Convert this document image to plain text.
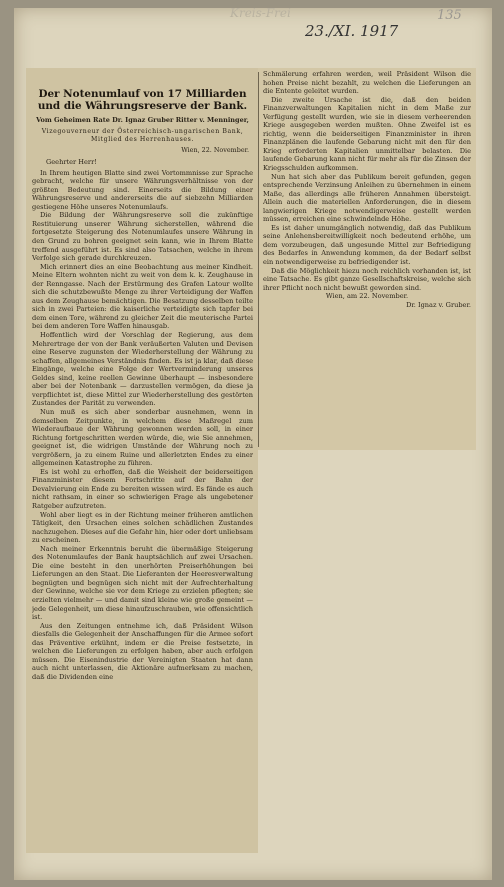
Kreis-Frei
23./XI. 1917
135
Der Notenumlauf von 17 Milliarden und die Währungsreserve der Bank.
Vom Geheimen Rate Dr. Ignaz Gruber Ritter v. Menninger,
Vizegouverneur der Österreichisch-ungarischen Bank, Mitglied des Herrenhauses.
Wien, 22. November.
Geehrter Herr!

In Ihrem heutigen Blatte sind zwei Vortommnisse zur Sprache gebracht, welche für unsere Währungsverhältnisse von der größten Bedeutung sind. Einerseits die Bildung einer Währungsreserve und andererseits die auf siebzehn Milliarden gestiegene Höhe unseres Notenumlaufs.

Die Bildung der Währungsreserve soll die zukünftige Restituierung unserer Währung sicherstellen, während die fortgesetzte Steigerung des Notenumlaufes unsere Währung in den Grund zu bohren geeignet sein kann, wie in Ihrem Blatte treffend ausgeführt ist. Es sind also Tatsachen, welche in ihrem Verfolge sich gerade durchkreuzen.

Mich erinnert dies an eine Beobachtung aus meiner Kindheit. Meine Eltern wohnten nicht zu weit von dem k. k. Zeughause in der Renngasse. Nach der Erstürmung des Grafen Latour wollte sich die schutzbewußte Menge zu ihrer Verteidigung der Waffen aus dem Zeughause bemächtigen. Die Besatzung desselben teilte sich in zwei Parteien: die kaiserliche verteidigte sich tapfer bei dem einen Tore, während zu gleicher Zeit die meuterische Partei bei dem anderen Tore Waffen hinausgab.

Hoffentlich wird der Vorschlag der Regierung, aus dem Mehrertrage der von der Bank veräußerten Valuten und Devisen eine Reserve zugunsten der Wiederherstellung der Währung zu schaffen, allgemeines Verständnis finden. Es ist ja klar, daß diese Eingänge, welche eine Folge der Wertverminderung unseres Geldes sind, keine reellen Gewinne überhaupt — insbesondere aber bei der Notenbank — darzustellen vermögen, da diese ja verpflichtet ist, diese Mittel zur Wiederherstellung des gestörten Zustandes der Parität zu verwenden.

Nun muß es sich aber sonderbar ausnehmen, wenn in demselben Zeitpunkte, in welchem diese Maßregel zum Wiederaufbaue der Währung gewonnen werden soll, in einer Richtung fortgeschritten werden würde, die, wie Sie annehmen, geeignet ist, die widrigen Umstände der Währung noch zu vergrößern, ja zu einem Ruine und allerletzten Endes zu einer allgemeinen Katastrophe zu führen.

Es ist wohl zu erhoffen, daß die Weisheit der beiderseitigen Finanzminister diesem Fortschritte auf der Bahn der Devalvierung ein Ende zu bereiten wissen wird. Es fände es auch nicht rathsam, in einer so schwierigen Frage als ungebetener Ratgeber aufzutreten.

Wohl aber liegt es in der Richtung meiner früheren amtlichen Tätigkeit, den Ursachen eines solchen schädlichen Zustandes nachzugehen. Dieses auf die Gefahr hin, hier oder dort unliebsam zu erscheinen.

Nach meiner Erkenntnis beruht die übermäßige Steigerung des Notenumlaufes der Bank hauptsächlich auf zwei Ursachen. Die eine besteht in den unerhörten Preiserhöhungen bei Lieferungen an den Staat. Die Lieferanten der Heeresverwaltung begnügten und begnügen sich nicht mit der Aufrechterhaltung der Gewinne, welche sie vor dem Kriege zu erzielen pflegten; sie erzielten vielmehr — und damit sind kleine wie große gemeint — jede Gelegenheit, um diese hinaufzuschrauben, wie offensichtlich ist.

Aus den Zeitungen entnehme ich, daß Präsident Wilson diesfalls die Gelegenheit der Anschaffungen für die Armee sofort das Präventive erkühnt, indem er die Preise festsetzte, in welchen die Lieferungen zu erfolgen haben, aber auch erfolgen müssen. Die Eisenindustrie der Vereinigten Staaten hat dann auch nicht unterlassen, die Aktionäre aufmerksam zu machen, daß die Dividenden eine

Schmälerung erfahren werden, weil Präsident Wilson die hohen Preise nicht bezahlt, zu welchen die Lieferungen an die Entente geleitet wurden.

Die zweite Ursache ist die, daß den beiden Finanzverwaltungen Kapitalien nicht in dem Maße zur Verfügung gestellt wurden, wie sie in diesem verheerenden Kriege ausgegeben werden mußten. Ohne Zweifel ist es richtig, wenn die beiderseitigen Finanzminister in ihren Finanzplänen die laufende Gebarung nicht mit den für den Krieg erforderten Kapitalien unmittelbar belasten. Die laufende Gebarung kann nicht für mehr als für die Zinsen der Kriegsschulden aufkommen.

Nun hat sich aber das Publikum bereit gefunden, gegen entsprechende Verzinsung Anleihen zu übernehmen in einem Maße, das allerdings alle früheren Annahmen übersteigt. Allein auch die materiellen Anforderungen, die in diesem langwierigen Kriege notwendigerweise gestellt werden müssen, erreichen eine schwindelnde Höhe.

Es ist daher unumgänglich notwendig, daß das Publikum seine Anlehensbereitwilligkeit noch bedeutend erhöhe, um dem vorzubeugen, daß ungesunde Mittel zur Befriedigung des Bedarfes in Anwendung kommen, da der Bedarf selbst ein notwendigerweise zu befriedigender ist.

Daß die Möglichkeit hiezu noch reichlich vorhanden ist, ist eine Tatsache. Es gibt ganze Gesellschaftskreise, welche sich ihrer Pflicht noch nicht bewußt geworden sind.

Wien, am 22. November.
Dr. Ignaz v. Gruber.
